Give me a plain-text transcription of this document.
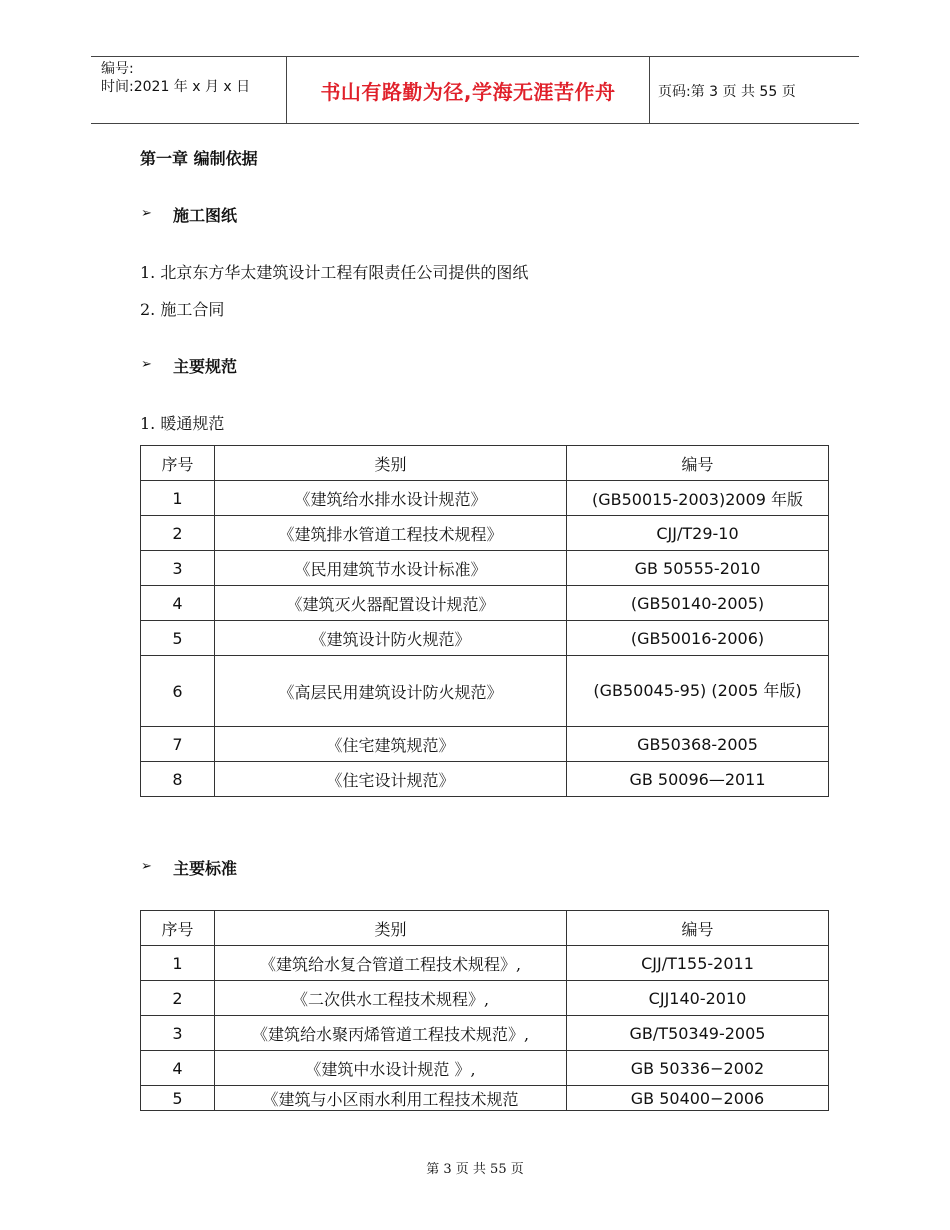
编号:
时间:2021 年 x 月 x 日	书山有路勤为径,学海无涯苦作舟	页码:第 3 页 共 55 页
第一章 编制依据
➢ 施工图纸
1. 北京东方华太建筑设计工程有限责任公司提供的图纸
2. 施工合同
➢ 主要规范
1. 暖通规范
序号	类别	编号
1	《建筑给水排水设计规范》	(GB50015-2003)2009 年版
2	《建筑排水管道工程技术规程》	CJJ/T29-10
3	《民用建筑节水设计标准》	GB 50555-2010
4	《建筑灭火器配置设计规范》	(GB50140-2005)
5	《建筑设计防火规范》	(GB50016-2006)
6	《高层民用建筑设计防火规范》	(GB50045-95) (2005 年版)
7	《住宅建筑规范》	GB50368-2005
8	《住宅设计规范》	GB 50096—2011
➢ 主要标准
序号	类别	编号
1	《建筑给水复合管道工程技术规程》,	CJJ/T155-2011
2	《二次供水工程技术规程》,	CJJ140-2010
3	《建筑给水聚丙烯管道工程技术规范》,	GB/T50349-2005
4	《建筑中水设计规范 》,	GB 50336−2002
5	《建筑与小区雨水利用工程技术规范	GB 50400−2006
第 3 页 共 55 页
